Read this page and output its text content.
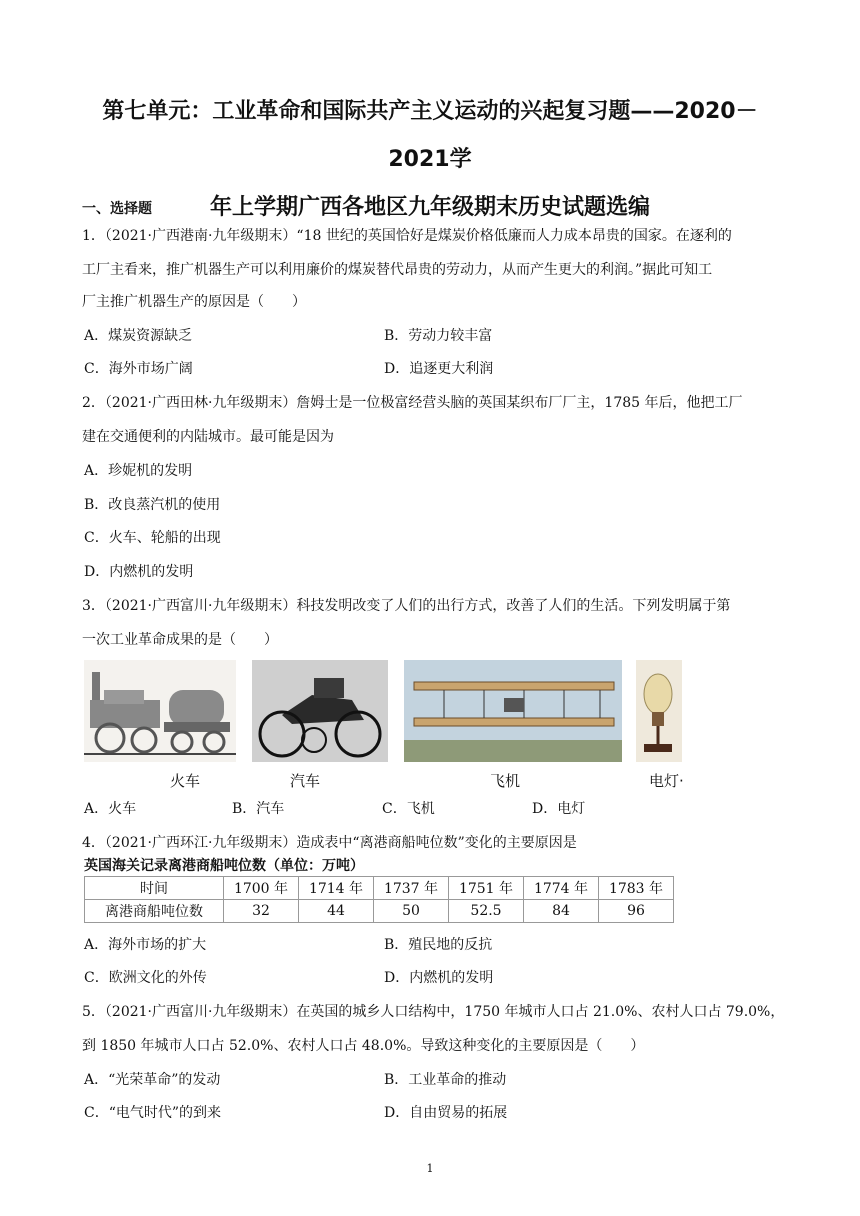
第七单元：工业革命和国际共产主义运动的兴起复习题——2020－2021学
年上学期广西各地区九年级期末历史试题选编
一、选择题
1．（2021·广西港南·九年级期末）“18 世纪的英国恰好是煤炭价格低廉而人力成本昂贵的国家。在逐利的
工厂主看来，推广机器生产可以利用廉价的煤炭替代昂贵的劳动力，从而产生更大的利润。”据此可知工
厂主推广机器生产的原因是（　　）
A．煤炭资源缺乏	B．劳动力较丰富
C．海外市场广阔	D．追逐更大利润
2．（2021·广西田林·九年级期末）詹姆士是一位极富经营头脑的英国某织布厂厂主，1785 年后，他把工厂
建在交通便利的内陆城市。最可能是因为
A．珍妮机的发明
B．改良蒸汽机的使用
C．火车、轮船的出现
D．内燃机的发明
3．（2021·广西富川·九年级期末）科技发明改变了人们的出行方式，改善了人们的生活。下列发明属于第
一次工业革命成果的是（　　）
火车	汽车	飞机	电灯·
A．火车	B．汽车	C．飞机	D．电灯
4．（2021·广西环江·九年级期末）造成表中“离港商船吨位数”变化的主要原因是
英国海关记录离港商船吨位数（单位：万吨）
时间	1700 年	1714 年	1737 年	1751 年	1774 年	1783 年
离港商船吨位数	32	44	50	52.5	84	96
A．海外市场的扩大	B．殖民地的反抗
C．欧洲文化的外传	D．内燃机的发明
5．（2021·广西富川·九年级期末）在英国的城乡人口结构中，1750 年城市人口占 21.0%、农村人口占 79.0%，
到 1850 年城市人口占 52.0%、农村人口占 48.0%。导致这种变化的主要原因是（　　）
A．“光荣革命”的发动	B．工业革命的推动
C．“电气时代”的到来	D．自由贸易的拓展
1
